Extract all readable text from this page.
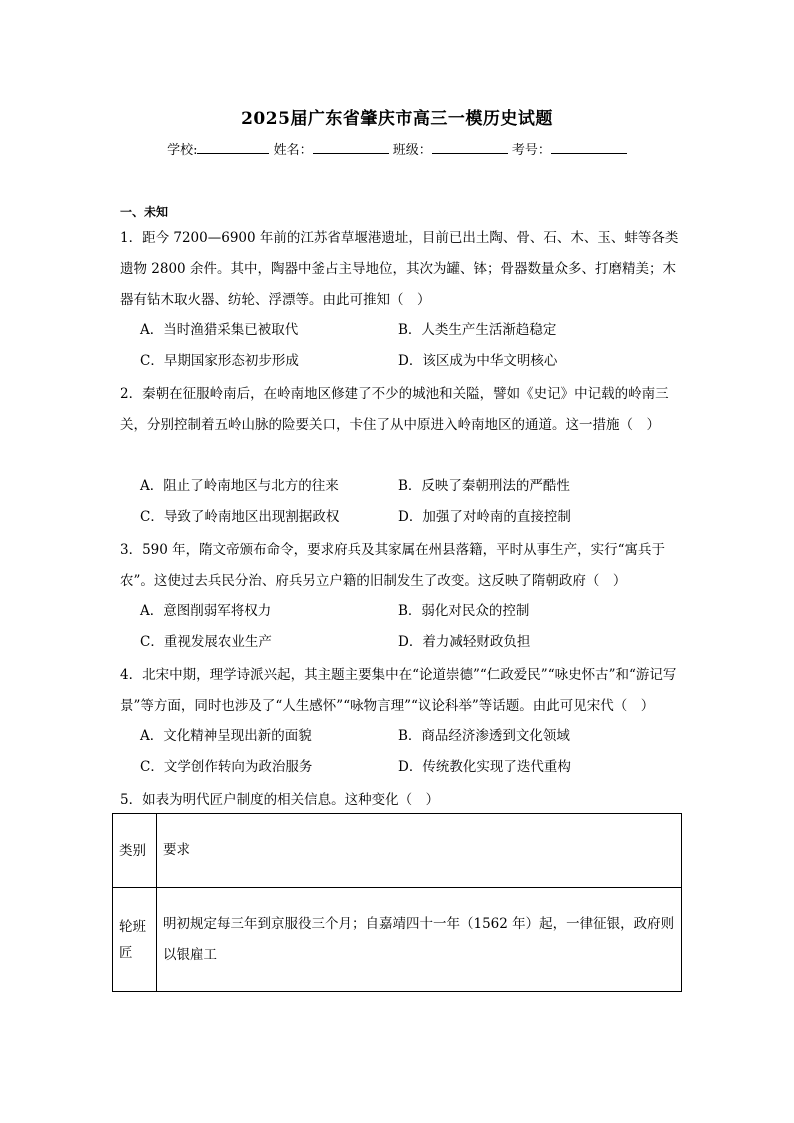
2025届广东省肇庆市高三一模历史试题
学校:	姓名：	班级：	考号：
一、未知
1．距今 7200—6900 年前的江苏省草堰港遗址，目前已出土陶、骨、石、木、玉、蚌等各类遗物 2800 余件。其中，陶器中釜占主导地位，其次为罐、钵；骨器数量众多、打磨精美；木器有钻木取火器、纺轮、浮漂等。由此可推知（　）
A．当时渔猎采集已被取代	B．人类生产生活渐趋稳定
C．早期国家形态初步形成	D．该区成为中华文明核心
2．秦朝在征服岭南后，在岭南地区修建了不少的城池和关隘，譬如《史记》中记载的岭南三关，分别控制着五岭山脉的险要关口，卡住了从中原进入岭南地区的通道。这一措施（　）
A．阻止了岭南地区与北方的往来	B．反映了秦朝刑法的严酷性
C．导致了岭南地区出现割据政权	D．加强了对岭南的直接控制
3．590 年，隋文帝颁布命令，要求府兵及其家属在州县落籍，平时从事生产，实行“寓兵于农”。这使过去兵民分治、府兵另立户籍的旧制发生了改变。这反映了隋朝政府（　）
A．意图削弱军将权力	B．弱化对民众的控制
C．重视发展农业生产	D．着力减轻财政负担
4．北宋中期，理学诗派兴起，其主题主要集中在“论道崇德”“仁政爱民”“咏史怀古”和“游记写景”等方面，同时也涉及了“人生感怀”“咏物言理”“议论科举”等话题。由此可见宋代（　）
A．文化精神呈现出新的面貌	B．商品经济渗透到文化领域
C．文学创作转向为政治服务	D．传统教化实现了迭代重构
5．如表为明代匠户制度的相关信息。这种变化（　）
类别	要求
轮班匠	明初规定每三年到京服役三个月；自嘉靖四十一年（1562 年）起，一律征银，政府则以银雇工
